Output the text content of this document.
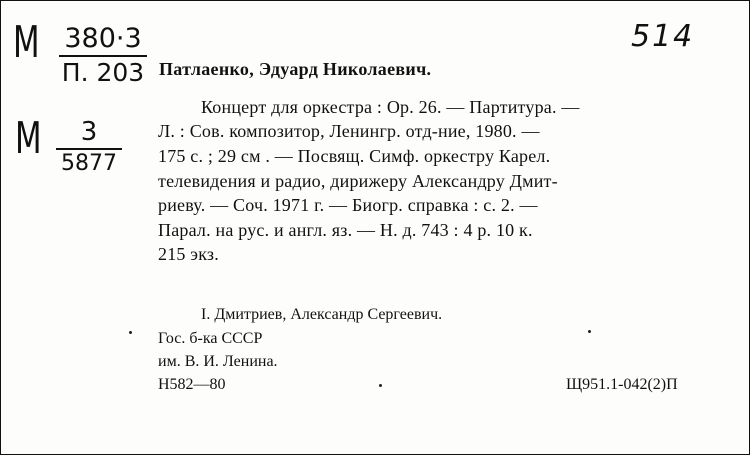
М 380·3
П. 203
М	3
5877
514
Патлаенко, Эдуард Николаевич.
Концерт для оркестра : Op. 26. — Партитура. —
Л. : Сов. композитор, Ленингр. отд-ние, 1980. —
175 с. ; 29 см . — Посвящ. Симф. оркестру Карел.
телевидения и радио, дирижеру Александру Дмит-
риеву. — Соч. 1971 г. — Биогр. справка : с. 2. —
Парал. на рус. и англ. яз. — Н. д. 743 : 4 р. 10 к.
215 экз.
I. Дмитриев, Александр Сергеевич.
Гос. б-ка СССР
им. В. И. Ленина.
Н582—80	Щ951.1-042(2)П
